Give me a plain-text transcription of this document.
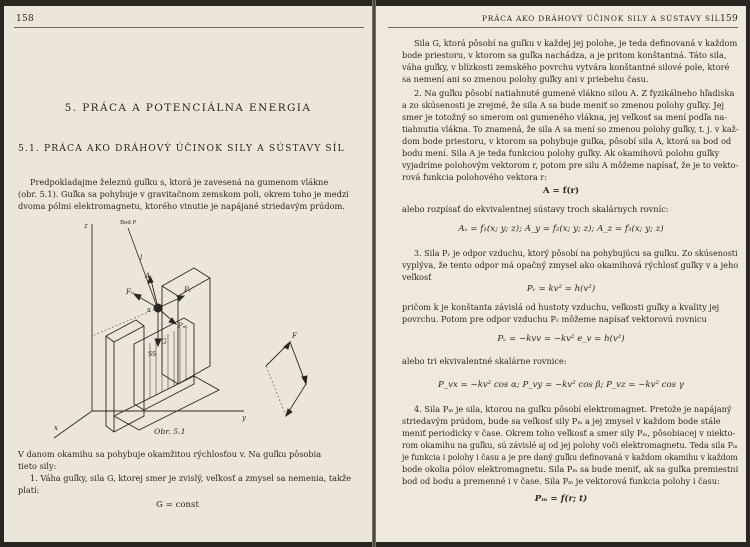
158
5. PRÁCA A POTENCIÁLNA ENERGIA
5.1. PRÁCA AKO DRÁHOVÝ ÚČINOK SILY A SÚSTAVY SÍL
Predpokladajme železnú guľku s, ktorá je zavesená na gumenom vlákne
(obr. 5.1). Guľka sa pohybuje v gravitačnom zemskom poli, okrem toho je medzi
dvoma pólmi elektromagnetu, ktorého vinutie je napájané striedavým prúdom.
z
x
y
Bod P
l
A
F₀	Pᵥ
Pₘ
G
s
SS
F
Obr. 5.1
V danom okamihu sa pohybuje okamžitou rýchlosťou v. Na guľku pôsobia
tieto sily:
1. Váha guľky, sila G, ktorej smer je zvislý, veľkosť a zmysel sa nemenia, takže
platí:
G = const
PRÁCA AKO DRÁHOVÝ ÚČINOK SILY A SÚSTAVY SÍL 159
Sila G, ktorá pôsobí na guľku v každej jej polohe, je teda definovaná v každom
bode priestoru, v ktorom sa guľka nachádza, a je pritom konštantná. Táto sila,
váha guľky, v blízkosti zemského povrchu vytvára konštantné silové pole, ktoré
sa nemení ani so zmenou polohy guľky ani v priebehu času.
2. Na guľku pôsobí natiahnuté gumené vlákno silou A. Z fyzikálneho hľadiska
a zo skúsenosti je zrejmé, že sila A sa bude meniť so zmenou polohy guľky. Jej
smer je totožný so smerom osi gumeného vlákna, jej veľkosť sa mení podľa na-
tiahnutia vlákna. To znamená, že sila A sa mení so zmenou polohy guľky, t. j. v kaž-
dom bode priestoru, v ktorom sa pohybuje guľka, pôsobí sila A, ktorá sa bod od
bodu mení. Sila A je teda funkciou polohy guľky. Ak okamihovú polohu guľky
vyjadríme polohovým vektorom r, potom pre silu A môžeme napísať, že je to vekto-
rová funkcia polohového vektora r:
A = f(r)
alebo rozpísať do ekvivalentnej sústavy troch skalárnych rovníc:
Aₓ = f₁(x; y; z); A_y = f₂(x; y; z); A_z = f₃(x; y; z)
3. Sila Pᵥ je odpor vzduchu, ktorý pôsobí na pohybujúcu sa guľku. Zo skúsenosti
vyplýva, že tento odpor má opačný zmysel ako okamihová rýchlosť guľky v a jeho
veľkosť
Pᵥ = kv² = h(v²)
pričom k je konštanta závislá od hustoty vzduchu, veľkosti guľky a kvality jej
povrchu. Potom pre odpor vzduchu Pᵥ môžeme napísať vektorovú rovnicu
Pᵥ = −kvv = −kv² e_v = h(v²)
alebo tri ekvivalentné skalárne rovnice:
P_vx = −kv² cos α; P_vy = −kv² cos β; P_vz = −kv² cos γ
4. Sila Pₘ je sila, ktorou na guľku pôsobí elektromagnet. Pretože je napájaný
striedavým prúdom, bude sa veľkosť sily Pₘ a jej zmysel v každom bode stále
meniť periodicky v čase. Okrem toho veľkosť a smer sily Pₘ, pôsobiacej v niekto-
rom okamihu na guľku, sú závislé aj od jej polohy voči elektromagnetu. Teda sila Pₘ
je funkcia i polohy i času a je pre daný guľku definovaná v každom okamihu v každom
bode okolia pólov elektromagnetu. Sila Pₘ sa bude meniť, ak sa guľka premiestni
bod od bodu a premenné i v čase. Sila Pₘ je vektorová funkcia polohy i času:
Pₘ = f(r; t)
